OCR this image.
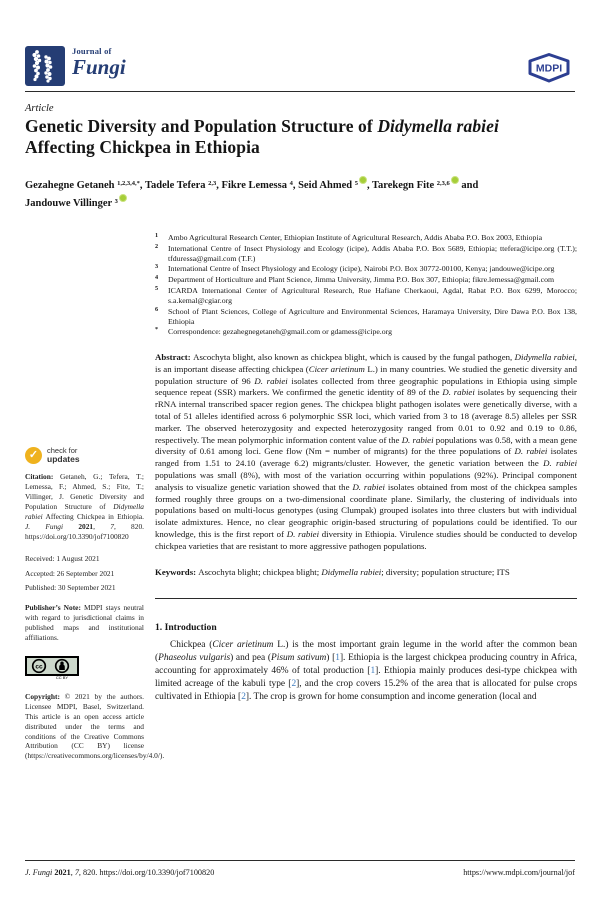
Journal of
Fungi	MDPI
Article
Genetic Diversity and Population Structure of Didymella rabiei
Affecting Chickpea in Ethiopia
Gezahegne Getaneh $^{1,2,3,4,*}$, Tadele Tefera $^{2,3}$, Fikre Lemessa $^4$, Seid Ahmed $^5$ , Tarekegn Fite $^{2,3,6}$ and
Jandouwe Villinger $^3$
1	Ambo Agricultural Research Center, Ethiopian Institute of Agricultural Research, Addis Ababa P.O. Box 2003, Ethiopia
2	International Centre of Insect Physiology and Ecology (icipe), Addis Ababa P.O. Box 5689, Ethiopia; ttefera@icipe.org (T.T.); tfduressa@gmail.com (T.F.)
3	International Centre of Insect Physiology and Ecology (icipe), Nairobi P.O. Box 30772-00100, Kenya; jandouwe@icipe.org
4	Department of Horticulture and Plant Science, Jimma University, Jimma P.O. Box 307, Ethiopia; fikre.lemessa@gmail.com
5	ICARDA International Center of Agricultural Research, Rue Hafiane Cherkaoui, Agdal, Rabat P.O. Box 6299, Morocco; s.a.kemal@cgiar.org
6	School of Plant Sciences, College of Agriculture and Environmental Sciences, Haramaya University, Dire Dawa P.O. Box 138, Ethiopia
*	Correspondence: gezahegnegetaneh@gmail.com or gdamess@icipe.org

Abstract: Ascochyta blight, also known as chickpea blight, which is caused by the fungal pathogen, Didymella rabiei, is an important disease affecting chickpea (Cicer arietinum L.) in many countries. We studied the genetic diversity and population structure of 96 D. rabiei isolates collected from three geographic populations in Ethiopia using simple sequence repeat (SSR) markers. We confirmed the genetic identity of 89 of the D. rabiei isolates by sequencing their rRNA internal transcribed spacer region genes. The chickpea blight pathogen isolates were genetically diverse, with a total of 51 alleles identified across 6 polymorphic SSR loci, which varied from 3 to 18 (average 8.5) alleles per SSR marker. The observed heterozygosity and expected heterozygosity ranged from 0.01 to 0.92 and 0.19 to 0.86, respectively. The mean polymorphic information content value of the D. rabiei populations was 0.58, with a mean gene diversity of 0.61 among loci. Gene flow (Nm = number of migrants) for the three populations of D. rabiei isolates ranged from 1.51 to 24.10 (average 6.2) migrants/cluster. However, the genetic variation between the D. rabiei populations was small (8%), with most of the variation occurring within populations (92%). Principal component analysis to visualize genetic variation showed that the D. rabiei isolates obtained from most of the chickpea samples formed roughly three groups on a two-dimensional coordinate plane. Similarly, the clustering of individuals into populations based on multi-locus genotypes (using Clumpak) grouped isolates into three clusters but with individual isolate admixtures. Hence, no clear geographic origin-based structuring of populations could be identified. To our knowledge, this is the first report of D. rabiei diversity in Ethiopia. Virulence studies should be conducted to develop chickpea varieties that are resistant to more aggressive pathogen populations.

Keywords: Ascochyta blight; chickpea blight; Didymella rabiei; diversity; population structure; ITS

1. Introduction

Chickpea (Cicer arietinum L.) is the most important grain legume in the world after the common bean (Phaseolus vulgaris) and pea (Pisum sativum) [1]. Ethiopia is the largest chickpea producing country in Africa, accounting for approximately 46% of total production [1]. Ethiopia mainly produces desi-type chickpea with limited acreage of the kabuli type [2], and the crop covers 15.2% of the area that is allocated for pulse crops cultivated in Ethiopia [2]. The crop is grown for home consumption and income generation (local and

✓	check for
updates

Citation: Getaneh, G.; Tefera, T.; Lemessa, F.; Ahmed, S.; Fite, T.; Villinger, J. Genetic Diversity and Population Structure of Didymella rabiei Affecting Chickpea in Ethiopia. J. Fungi 2021, 7, 820. https://doi.org/10.3390/jof7100820

Received: 1 August 2021
Accepted: 26 September 2021
Published: 30 September 2021

Publisher’s Note: MDPI stays neutral with regard to jurisdictional claims in published maps and institutional affiliations.

cc
CC BY

Copyright: © 2021 by the authors. Licensee MDPI, Basel, Switzerland. This article is an open access article distributed under the terms and conditions of the Creative Commons Attribution (CC BY) license (https://creativecommons.org/licenses/by/4.0/).

J. Fungi 2021, 7, 820. https://doi.org/10.3390/jof7100820	https://www.mdpi.com/journal/jof
